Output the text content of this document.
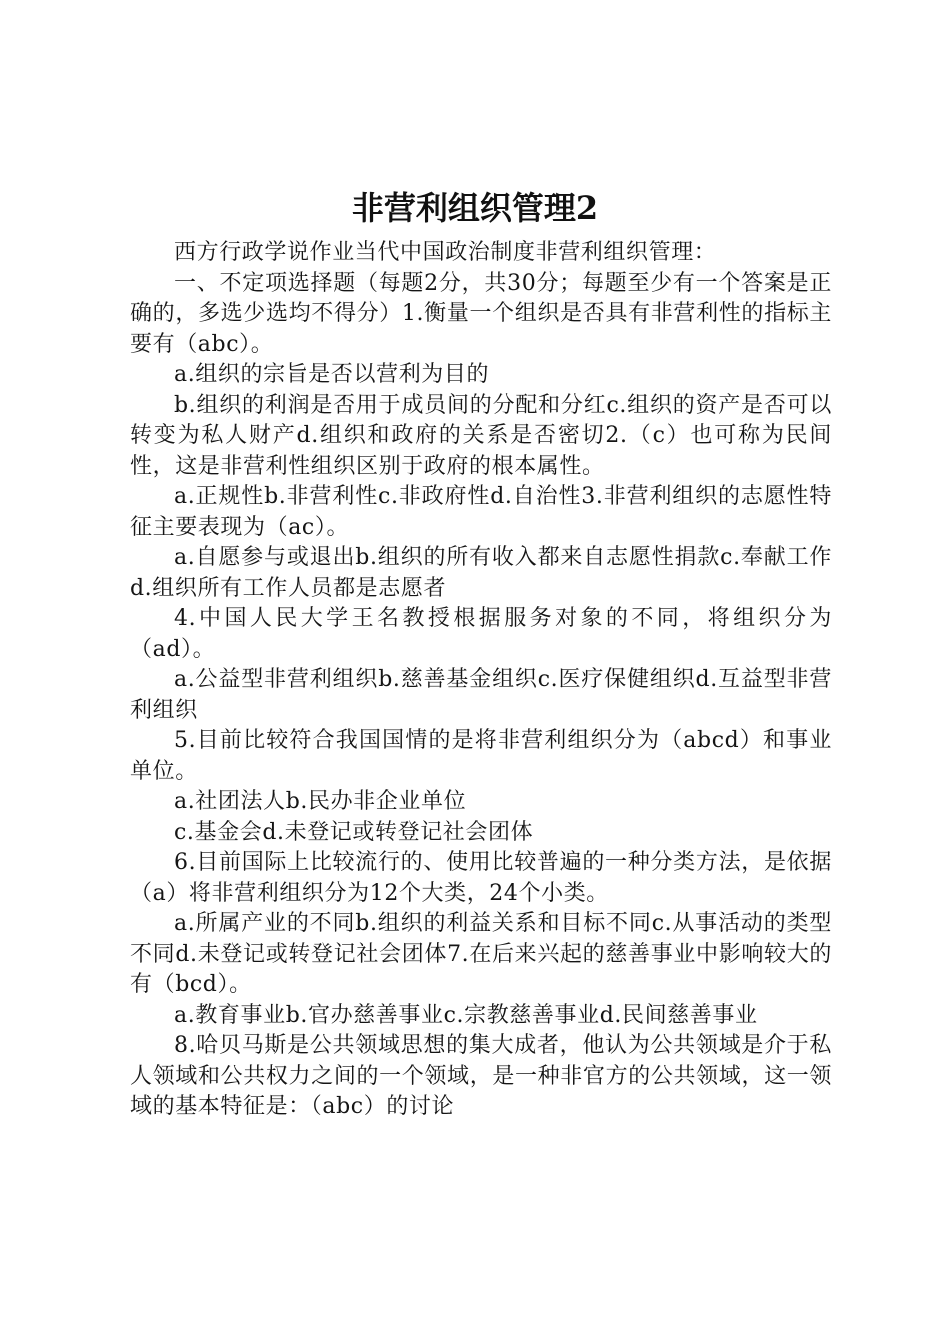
非营利组织管理2

西方行政学说作业当代中国政治制度非营利组织管理：

一、不定项选择题（每题2分，共30分；每题至少有一个答案是正确的，多选少选均不得分）1.衡量一个组织是否具有非营利性的指标主要有（abc）。

a.组织的宗旨是否以营利为目的

b.组织的利润是否用于成员间的分配和分红c.组织的资产是否可以转变为私人财产d.组织和政府的关系是否密切2.（c）也可称为民间性，这是非营利性组织区别于政府的根本属性。

a.正规性b.非营利性c.非政府性d.自治性3.非营利组织的志愿性特征主要表现为（ac）。

a.自愿参与或退出b.组织的所有收入都来自志愿性捐款c.奉献工作d.组织所有工作人员都是志愿者

4.中国人民大学王名教授根据服务对象的不同，将组织分为（ad）。

a.公益型非营利组织b.慈善基金组织c.医疗保健组织d.互益型非营利组织

5.目前比较符合我国国情的是将非营利组织分为（abcd）和事业单位。

a.社团法人b.民办非企业单位

c.基金会d.未登记或转登记社会团体

6.目前国际上比较流行的、使用比较普遍的一种分类方法，是依据（a）将非营利组织分为12个大类，24个小类。

a.所属产业的不同b.组织的利益关系和目标不同c.从事活动的类型不同d.未登记或转登记社会团体7.在后来兴起的慈善事业中影响较大的有（bcd）。

a.教育事业b.官办慈善事业c.宗教慈善事业d.民间慈善事业

8.哈贝马斯是公共领域思想的集大成者，他认为公共领域是介于私人领域和公共权力之间的一个领域，是一种非官方的公共领域，这一领域的基本特征是：（abc）的讨论
